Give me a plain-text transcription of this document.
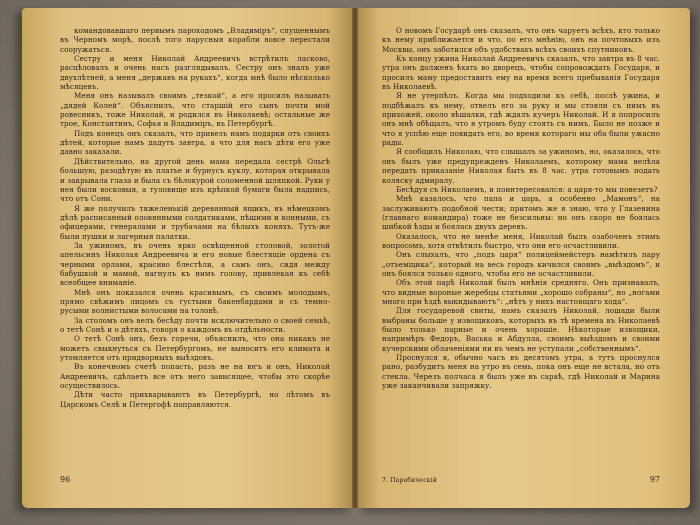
командовавшаго первымъ пароходомъ „Владиміръ“, спущеннымъ въ Черномъ морѣ, послѣ того парусныя корабли вовсе перестали сооружаться.

Сестру и меня Николай Андреевичъ встрѣтилъ ласково, расцѣловалъ и очень насъ разглядывалъ. Сестру онъ зналъ уже двухлѣтней, а меня „державъ на рукахъ“, когда мнѣ было нѣсколько мѣсяцевъ.

Меня онъ называлъ своимъ „тезкой“, а его просилъ называть „дядей Колей“. Объяснилъ, что старшій его сынъ почти мой ровесникъ, тоже Николай, и родился въ Николаевѣ; остальные же трое, Константинъ, Софья и Владиміръ, въ Петербургѣ.

Подъ конецъ онъ сказалъ, что привезъ намъ подарки отъ своихъ дѣтей, которые намъ дадутъ завтра, а что для насъ дѣти его уже давно заказали.

Дѣйствительно, на другой день мама передала сестрѣ Ольгѣ большую, разодѣтую въ платье и бурнусъ куклу, которая открывала и закрывала глаза и была съ бѣлокурой соломенной шляпкой. Руки у нея были восковыя, а туловище изъ крѣпкой бумаги была надпись, что отъ Сони.

Я же получилъ тяжеленькій деревянный ящикъ, въ нѣмецкомъ дѣлѣ расписанный оловянными солдатиками, пѣшими и конными, съ офицерами, генералами и трубачами на бѣлыхъ коняхъ. Тутъ-же были пушки и лагерныя палатки.

За ужиномъ, въ очень ярко освѣщенной столовой, золотой апельсинъ Николая Андреевича и его новые блестящіе ордена съ черными орлами, красиво блестѣли, а самъ онъ, сидя между бабушкой и мамой, нагнулъ къ нимъ голову, привлекая къ себѣ всеобщее вниманіе.

Мнѣ онъ показался очень красивымъ, съ своимъ молодымъ, прямо свѣжимъ лицомъ съ густыми бакенбардами и съ темно-русыми волнистыми волосами на головѣ.

За столомъ онъ велъ бесѣду почти исключительно о своей семьѣ, о тетѣ Сонѣ и о дѣтяхъ, говоря о каждомъ въ отдѣльности.

О тетѣ Сонѣ онъ, безъ горечи, объяснилъ, что она никакъ не можетъ свыкнуться съ Петербургомъ, не выноситъ его климата и утомляется отъ придворныхъ выѣздовъ.

Въ конечномъ счетѣ попасть, разъ не на югъ и онъ, Николай Андреевичъ, сдѣлаетъ все отъ него зависящее, чтобы это скорѣе осуществилось.

Дѣти часто прихварываютъ въ Петербургѣ, но лѣтомъ въ Царскомъ Селѣ и Петергофѣ поправляются.

96

О новомъ Государѣ онъ сказалъ, что онъ чаруетъ всѣхъ, кто только къ нему приближается и что, по его мнѣнію, онъ на почтовыхъ изъ Москвы, онъ заботился объ удобствахъ всѣхъ своихъ спутниковъ.

Къ концу ужина Николай Андреевичъ сказалъ, что завтра въ 8 час. утра онъ долженъ ѣхать во дворецъ, чтобы сопровождать Государя, и просилъ маму предоставить ему на время всего пребыванія Государя въ Николаевѣ.

Я не утерпѣлъ. Когда мы подходили къ себѣ, послѣ ужина, и подбѣжалъ къ нему, отвелъ его за руку и мы стояли съ нимъ въ прихожей, около вѣшалки, гдѣ ждалъ кучеръ Николай. И я попросилъ онъ мнѣ обѣщалъ, что я утромъ буду стоять съ нимъ. Было не позже и что я успѣю еще повидать его, во время котораго мы оба были ужасно рады.

Я сообщилъ Николаю, что слышалъ за ужиномъ, но, оказалось, что онъ былъ уже предупрежденъ Николаемъ, которому мама велѣла передать приказаніе Николая быть въ 8 час. утра готовымъ подать коляску адмиралу.

Бесѣдуя съ Николаемъ, и поинтересовался: а царя-то мы повезетъ?

Мнѣ казалось, что папа и царь, а особенно „Мамонъ“, на заслуживаютъ подобной чести; притомъ же я знаю, что у Глазенина (главнаго командира) тоже не безсильны: но онъ скоро не боялась шибкой ѣзды и боялась двухъ деревъ.

Оказалось, что не менѣе меня, Николай былъ озабоченъ этимъ вопросомъ, хотя отвѣтилъ быстро, что они его осчастливили.

Онъ слыхалъ, что „подъ царя“ полицеймейстеръ намѣтилъ пару „отъемщика“, который на весь городъ кичился своимъ „выѣздомъ“, и онъ боялся только одного, чтобы его не осчастливили.

Объ этой парѣ Николай былъ мнѣнія средняго. Онъ признавалъ, что видные вороные жеребцы статьями „хорошо собраны“, но „ногами много при ѣздѣ выкидываютъ“: „нѣтъ у нихъ настоящаго хода“.

Для государевой свиты, намъ сказалъ Николай, лошади были выбраны больше у извощиковъ, которыхъ въ тѣ времена въ Николаевѣ было только парные и очень хорошіе. Нѣкоторые извощики, напримѣръ Федоръ, Васька и Абдулла, своимъ выѣздомъ и своими кучерскими облаченіями ни въ чемъ не уступали „собственнымъ“.

Проснулся я, обычно часъ въ десятомъ утра, а тутъ проснулся рано, разбудитъ меня на утро въ семь, пока онъ еще не встала, но отъ стекла. Черезъ полчаса я былъ уже въ сараѣ, гдѣ Николай и Марина уже заканчивали запряжку.

7. Парабическій	97
